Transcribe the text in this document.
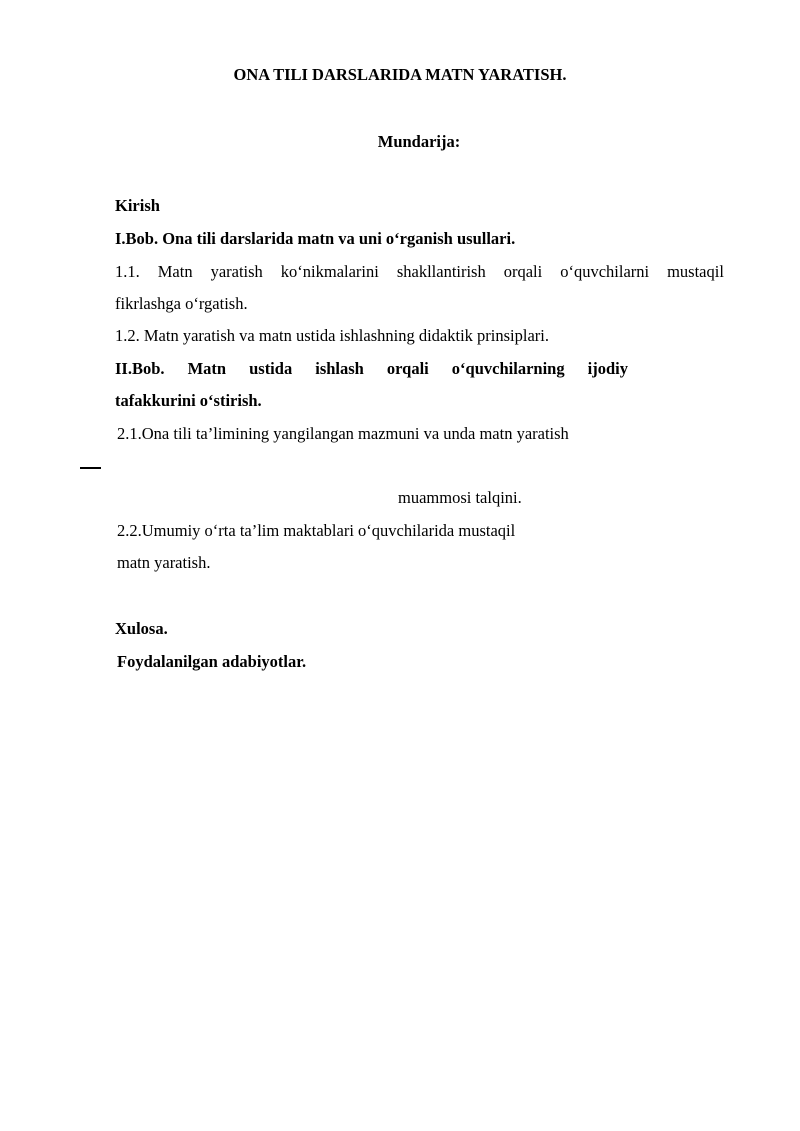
ONA TILI DARSLARIDA MATN YARATISH.
Mundarija:
Kirish
I.Bob. Ona tili darslarida matn va uni o‘rganish usullari.
1.1. Matn yaratish ko‘nikmalarini shakllantirish orqali o‘quvchilarni mustaqil
fikrlashga o‘rgatish.
1.2. Matn yaratish va matn ustida ishlashning didaktik prinsiplari.
II.Bob. Matn ustida ishlash orqali o‘quvchilarning ijodiy
tafakkurini o‘stirish.
2.1.Ona tili ta’limining yangilangan mazmuni va unda matn yaratish
muammosi talqini.
2.2.Umumiy o‘rta ta’lim maktablari o‘quvchilarida mustaqil
matn yaratish.
Xulosa.
Foydalanilgan adabiyotlar.
